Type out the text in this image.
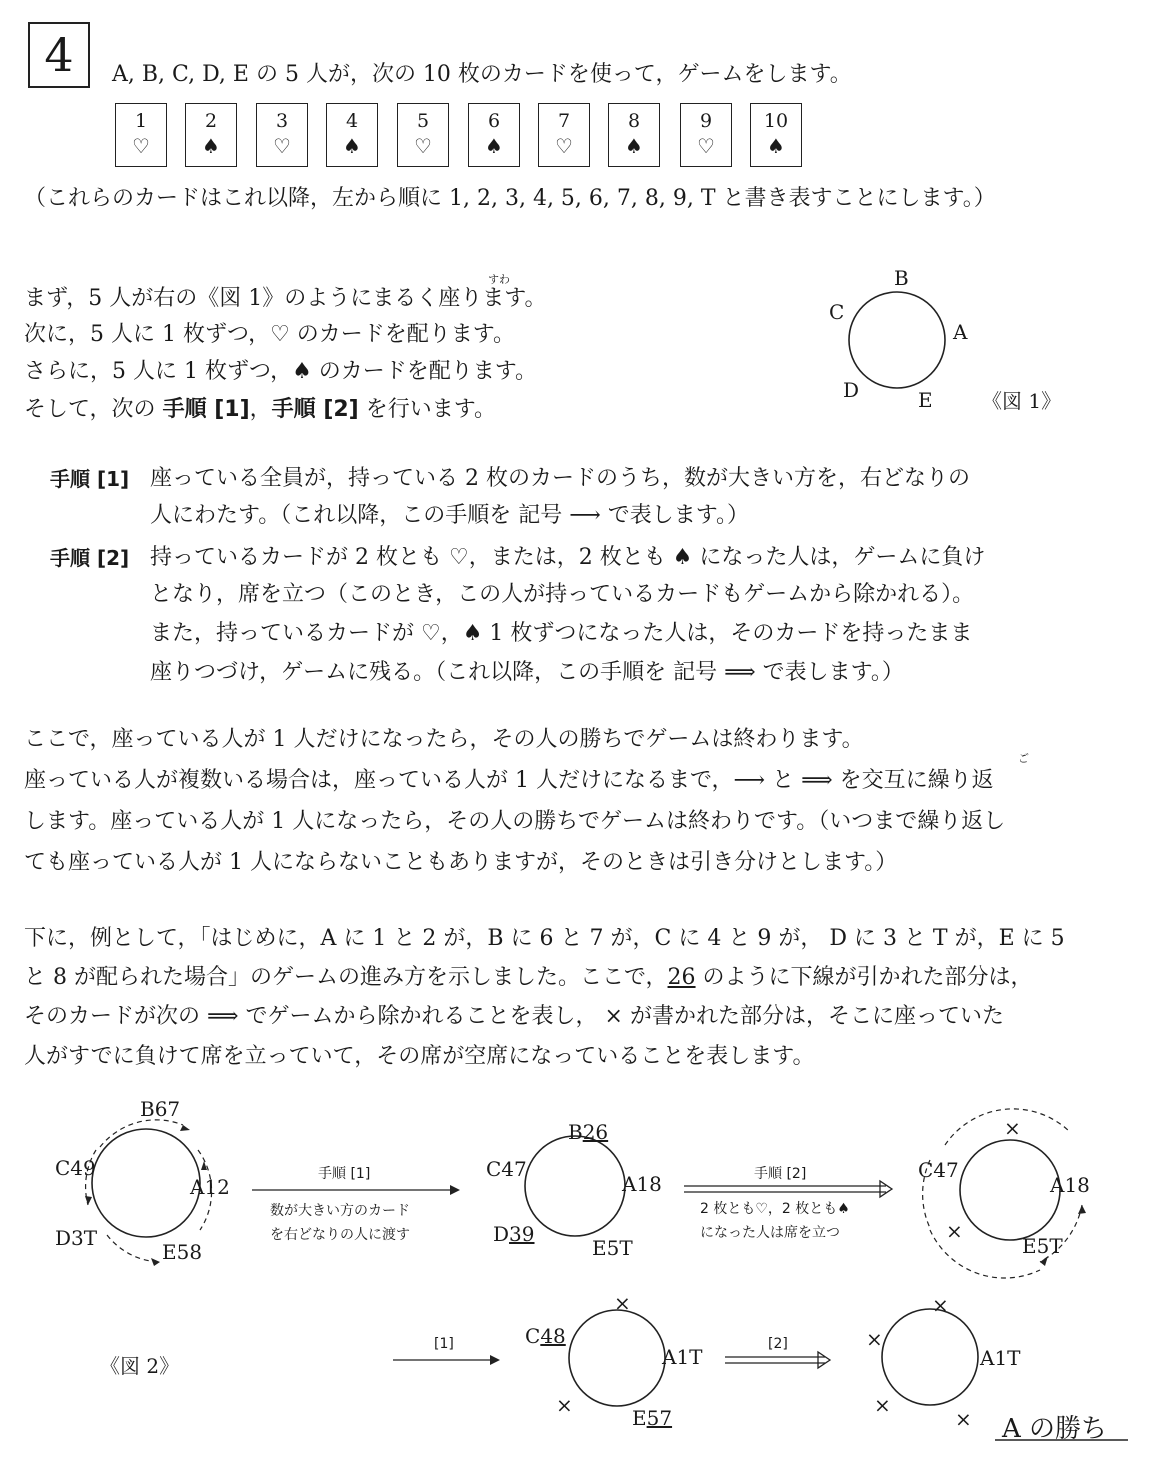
4	A, B, C, D, E の 5 人が，次の 10 枚のカードを使って，ゲームをします。
1
♡
2
♠
3
♡
4
♠
5
♡
6
♠
7
♡
8
♠
9
♡
10
♠
（これらのカードはこれ以降，左から順に 1, 2, 3, 4, 5, 6, 7, 8, 9, T と書き表すことにします。）
すわ
まず，5 人が右の《図 1》のようにまるく座ります。
次に，5 人に 1 枚ずつ，♡ のカードを配ります。
さらに，5 人に 1 枚ずつ，♠ のカードを配ります。
そして，次の 手順 [1]，手順 [2] を行います。
B
C
A
D	E 《図 1》
手順 [1] 座っている全員が，持っている 2 枚のカードのうち，数が大きい方を，右どなりの
人にわたす。（これ以降，この手順を 記号 ⟶ で表します。）
手順 [2] 持っているカードが 2 枚とも ♡，または，2 枚とも ♠ になった人は，ゲームに負け
となり，席を立つ（このとき，この人が持っているカードもゲームから除かれる）。
また，持っているカードが ♡，♠ 1 枚ずつになった人は，そのカードを持ったまま
座りつづけ，ゲームに残る。（これ以降，この手順を 記号 ⟹ で表します。）
ここで，座っている人が 1 人だけになったら，その人の勝ちでゲームは終わります。
ご
座っている人が複数いる場合は，座っている人が 1 人だけになるまで，⟶ と ⟹ を交互に繰り返
します。座っている人が 1 人になったら，その人の勝ちでゲームは終わりです。（いつまで繰り返し
ても座っている人が 1 人にならないこともありますが，そのときは引き分けとします。）
下に，例として，「はじめに，A に 1 と 2 が，B に 6 と 7 が，C に 4 と 9 が， D に 3 と T が，E に 5
と 8 が配られた場合」のゲームの進み方を示しました。ここで，26 のように下線が引かれた部分は，
そのカードが次の ⟹ でゲームから除かれることを表し， × が書かれた部分は，そこに座っていた
人がすでに負けて席を立っていて，その席が空席になっていることを表します。
B67
C49
A12
D3T
E58
手順 [1]
数が大きい方のカード
を右どなりの人に渡す
B26
C47
A18
D39
E5T
手順 [2]
2 枚とも♡，2 枚とも♠
になった人は席を立つ
×
C47
A18
×
E5T
《図 2》
[1]
×
C48
A1T
×
E57
[2]
×
×
A1T
×
× A の勝ち
